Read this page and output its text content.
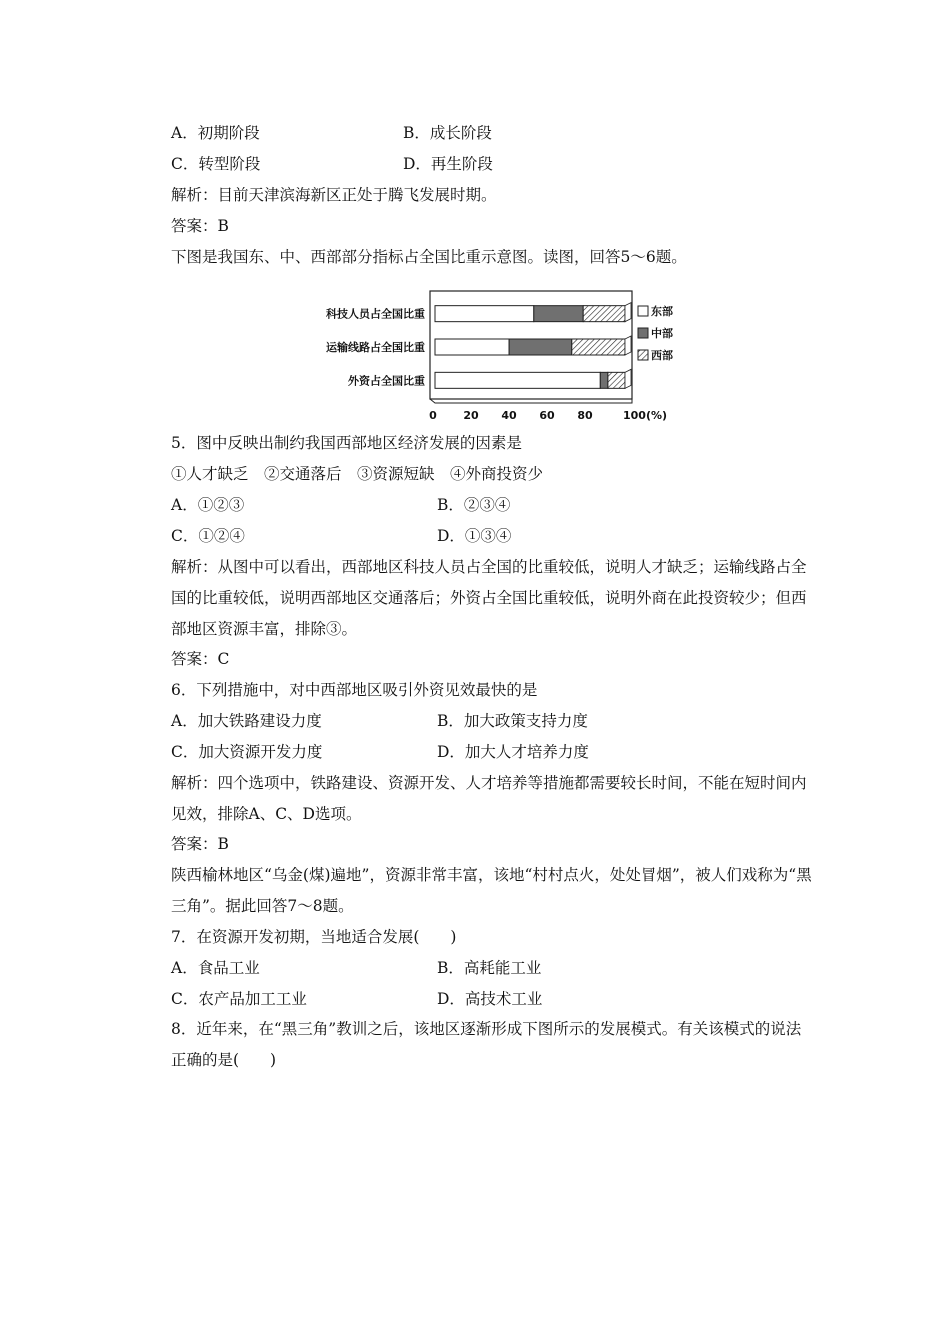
A．初期阶段	B．成长阶段
C．转型阶段	D．再生阶段
解析：目前天津滨海新区正处于腾飞发展时期。
答案：B
下图是我国东、中、西部部分指标占全国比重示意图。读图，回答5～6题。
科技人员占全国比重
运输线路占全国比重
外资占全国比重
0 20 40 60 80	100(%)
东部
中部
西部
5．图中反映出制约我国西部地区经济发展的因素是
①人才缺乏　②交通落后　③资源短缺　④外商投资少
A．①②③	B．②③④
C．①②④	D．①③④
解析：从图中可以看出，西部地区科技人员占全国的比重较低，说明人才缺乏；运输线路占全国的比重较低，说明西部地区交通落后；外资占全国比重较低，说明外商在此投资较少；但西部地区资源丰富，排除③。
答案：C
6．下列措施中，对中西部地区吸引外资见效最快的是
A．加大铁路建设力度	B．加大政策支持力度
C．加大资源开发力度	D．加大人才培养力度
解析：四个选项中，铁路建设、资源开发、人才培养等措施都需要较长时间，不能在短时间内见效，排除A、C、D选项。
答案：B
陕西榆林地区“乌金(煤)遍地”，资源非常丰富，该地“村村点火，处处冒烟”，被人们戏称为“黑三角”。据此回答7～8题。
7．在资源开发初期，当地适合发展(　　)
A．食品工业	B．高耗能工业
C．农产品加工工业	D．高技术工业
8．近年来，在“黑三角”教训之后，该地区逐渐形成下图所示的发展模式。有关该模式的说法正确的是(　　)
